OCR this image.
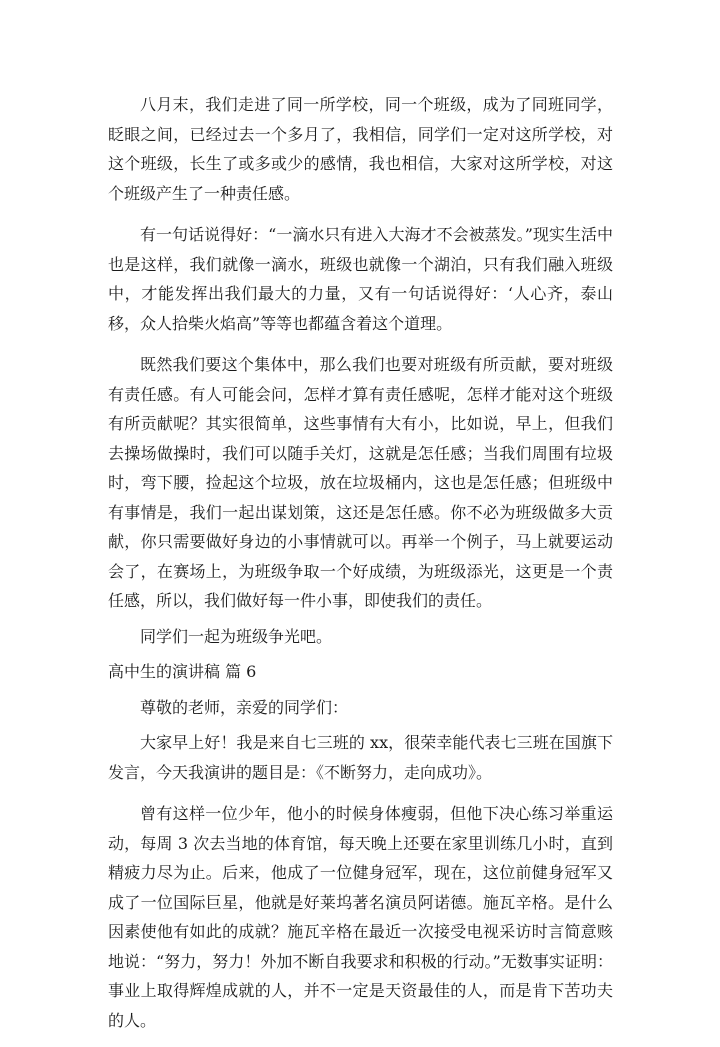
八月末，我们走进了同一所学校，同一个班级，成为了同班同学，眨眼之间，已经过去一个多月了，我相信，同学们一定对这所学校，对这个班级，长生了或多或少的感情，我也相信，大家对这所学校，对这个班级产生了一种责任感。

有一句话说得好：“一滴水只有进入大海才不会被蒸发。”现实生活中也是这样，我们就像一滴水，班级也就像一个湖泊，只有我们融入班级中，才能发挥出我们最大的力量，又有一句话说得好：‘人心齐，泰山移，众人拾柴火焰高”等等也都蕴含着这个道理。

既然我们要这个集体中，那么我们也要对班级有所贡献，要对班级有责任感。有人可能会问，怎样才算有责任感呢，怎样才能对这个班级有所贡献呢？其实很简单，这些事情有大有小，比如说，早上，但我们去操场做操时，我们可以随手关灯，这就是怎任感；当我们周围有垃圾时，弯下腰，捡起这个垃圾，放在垃圾桶内，这也是怎任感；但班级中有事情是，我们一起出谋划策，这还是怎任感。你不必为班级做多大贡献，你只需要做好身边的小事情就可以。再举一个例子，马上就要运动会了，在赛场上，为班级争取一个好成绩，为班级添光，这更是一个责任感，所以，我们做好每一件小事，即使我们的责任。

同学们一起为班级争光吧。

高中生的演讲稿 篇 6

尊敬的老师，亲爱的同学们：

大家早上好！我是来自七三班的 xx，很荣幸能代表七三班在国旗下发言，今天我演讲的题目是：《不断努力，走向成功》。

曾有这样一位少年，他小的时候身体瘦弱，但他下决心练习举重运动，每周 3 次去当地的体育馆，每天晚上还要在家里训练几小时，直到精疲力尽为止。后来，他成了一位健身冠军，现在，这位前健身冠军又成了一位国际巨星，他就是好莱坞著名演员阿诺德。施瓦辛格。是什么因素使他有如此的成就？施瓦辛格在最近一次接受电视采访时言简意赅地说：“努力，努力！外加不断自我要求和积极的行动。”无数事实证明：事业上取得辉煌成就的人，并不一定是天资最佳的人，而是肯下苦功夫的人。
